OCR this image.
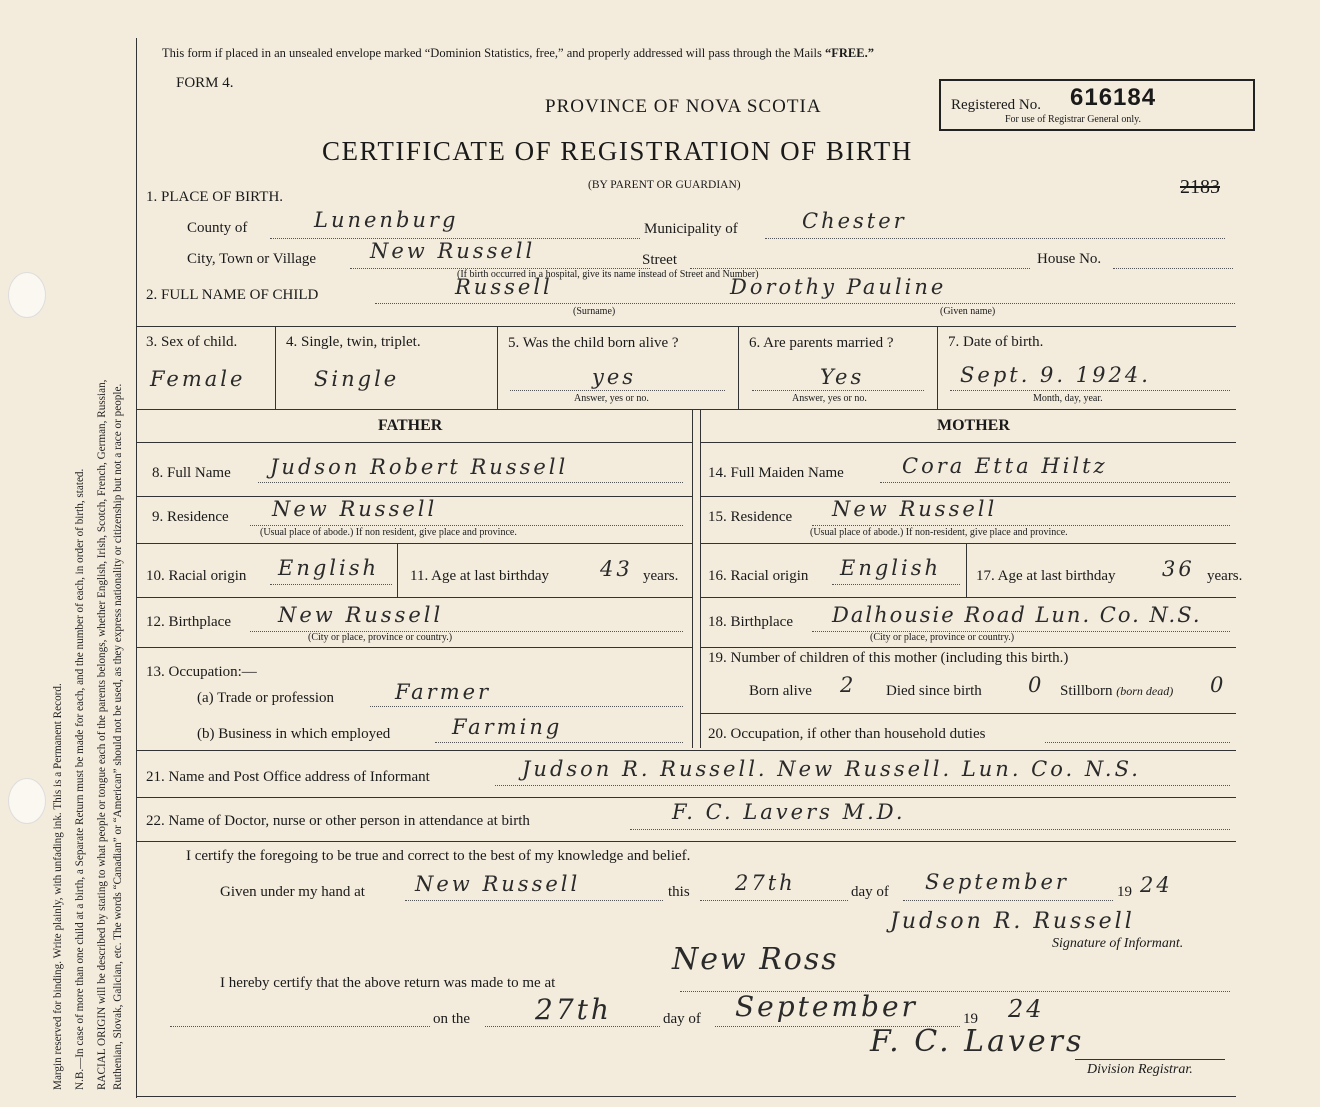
Margin reserved for binding. Write plainly, with unfading ink. This is a Permanent Record. N.B.—In case of more than one child at a birth, a Separate Return must be made for each, and the number of each, in order of birth, stated. RACIAL ORIGIN will be described by stating to what people or tongue each of the parents belongs, whether English, Irish, Scotch, French, German, Russian, Ruthenian, Slovak, Galician, etc. The words “Canadian” or “American” should not be used, as they express nationality or citizenship but not a race or people.
This form if placed in an unsealed envelope marked “Dominion Statistics, free,” and properly addressed will pass through the Mails “FREE.”
FORM 4.
PROVINCE OF NOVA SCOTIA
CERTIFICATE OF REGISTRATION OF BIRTH
(BY PARENT OR GUARDIAN)
Registered No. 616184
For use of Registrar General only.
2183
1. PLACE OF BIRTH.
County of	Lunenburg	Municipality of	Chester
City, Town or Village	New Russell	Street	House No.
(If birth occurred in a hospital, give its name instead of Street and Number)
2. FULL NAME OF CHILD	Russell	Dorothy Pauline
(Surname)	(Given name)
3. Sex of child.
Female
4. Single, twin, triplet.
Single
5. Was the child born alive ?
yes
Answer, yes or no.
6. Are parents married ?
Yes
Answer, yes or no.
7. Date of birth.
Sept. 9. 1924.
Month, day, year.
FATHER	MOTHER
8. Full Name Judson Robert Russell
9. Residence New Russell
(Usual place of abode.) If non resident, give place and province.
10. Racial origin English 11. Age at last birthday 43 years.
12. Birthplace New Russell
(City or place, province or country.)
13. Occupation:—
(a) Trade or profession	Farmer
(b) Business in which employed	Farming
14. Full Maiden Name	Cora Etta Hiltz
15. Residence New Russell
(Usual place of abode.) If non-resident, give place and province.
16. Racial origin English 17. Age at last birthday 36 years.
18. Birthplace Dalhousie Road Lun. Co. N.S.
(City or place, province or country.)
19. Number of children of this mother (including this birth.)
Born alive 2 Died since birth 0 Stillborn (born dead) 0
20. Occupation, if other than household duties
21. Name and Post Office address of Informant	Judson R. Russell. New Russell. Lun. Co. N.S.
22. Name of Doctor, nurse or other person in attendance at birth	F. C. Lavers M.D.
I certify the foregoing to be true and correct to the best of my knowledge and belief.
Given under my hand at New Russell	this 27th	day of September	19 24
Judson R. Russell
Signature of Informant.
I hereby certify that the above return was made to me at
New Ross
on the 27th	day of September	19 24
F. C. Lavers
Division Registrar.
